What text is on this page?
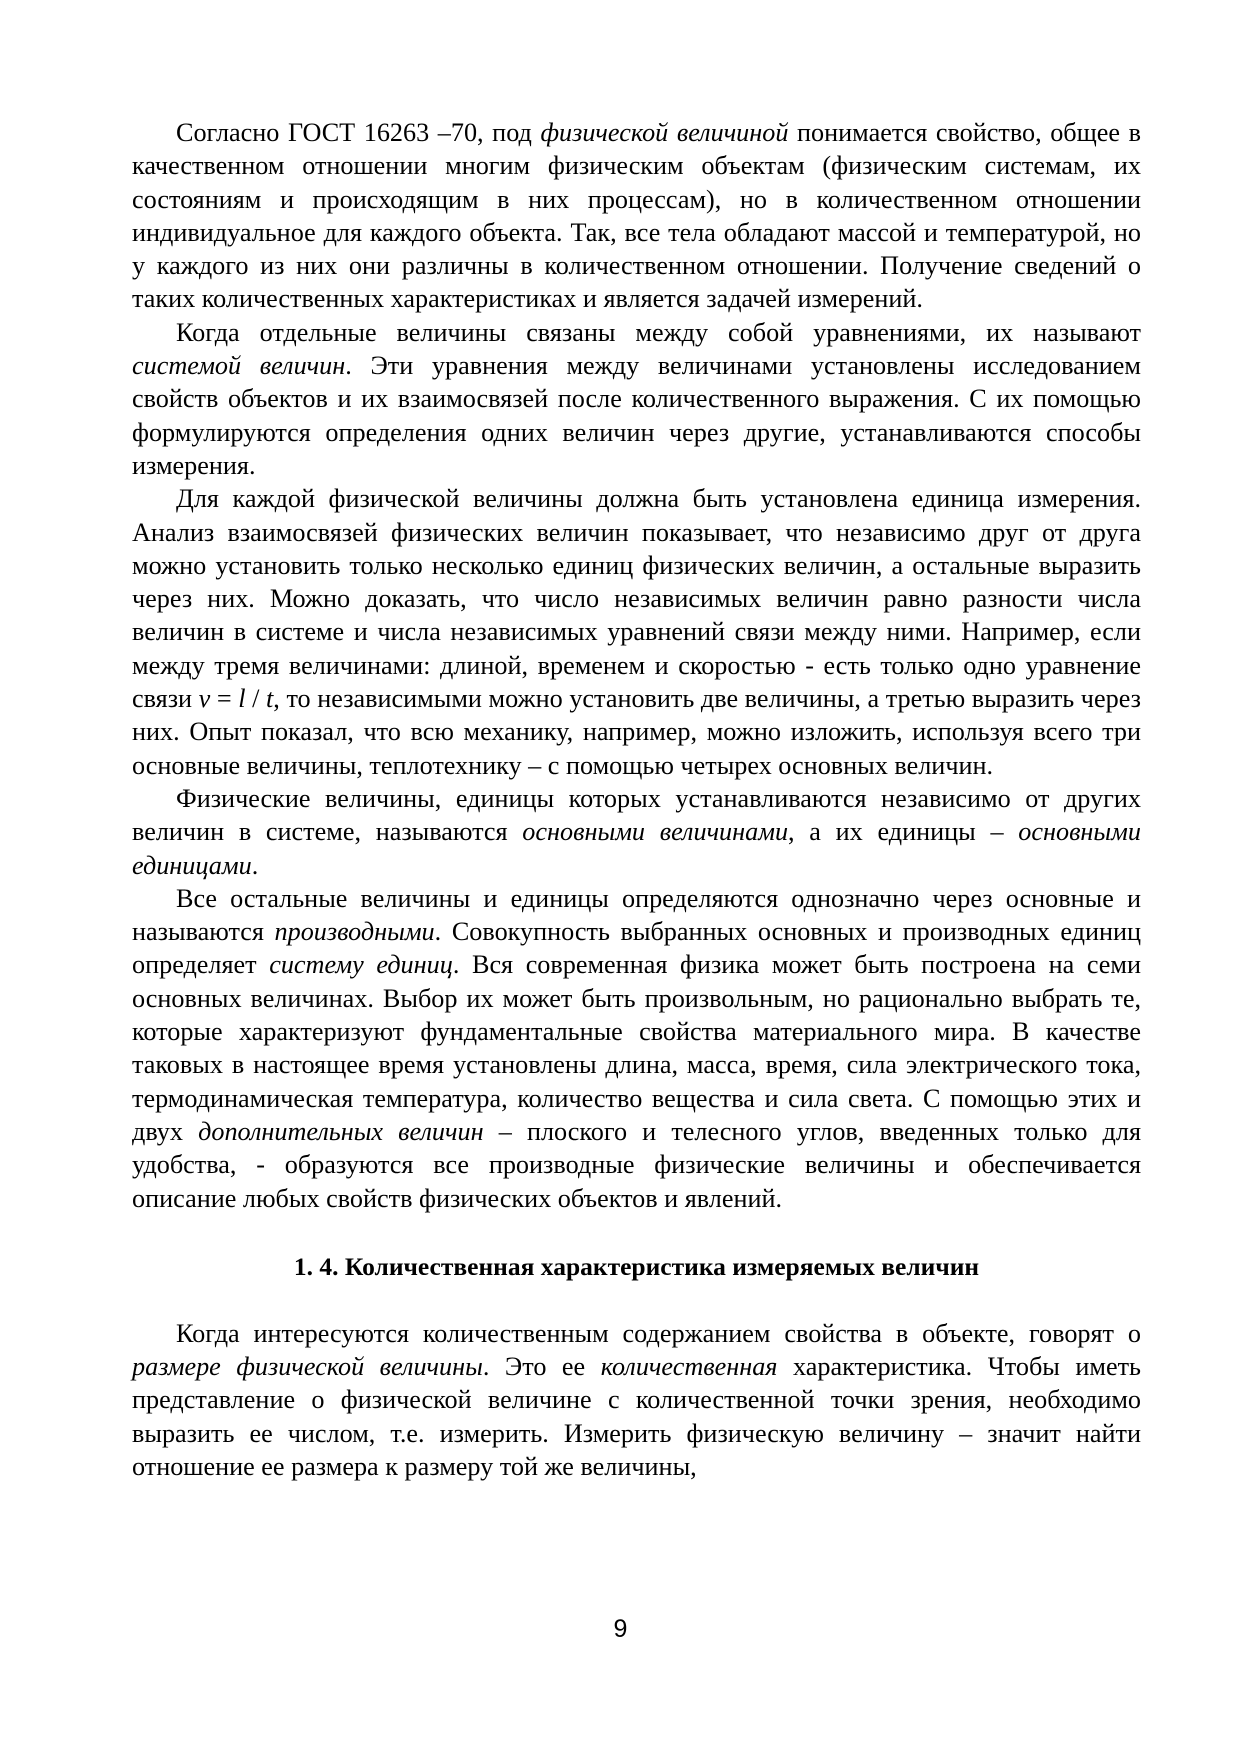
Согласно ГОСТ 16263 –70, под физической величиной понимается свойство, общее в качественном отношении многим физическим объектам (физическим системам, их состояниям и происходящим в них процессам), но в количественном отношении индивидуальное для каждого объекта. Так, все тела обладают массой и температурой, но у каждого из них они различны в количественном отношении. Получение сведений о таких количественных характеристиках и является задачей измерений.

Когда отдельные величины связаны между собой уравнениями, их называют системой величин. Эти уравнения между величинами установлены исследованием свойств объектов и их взаимосвязей после количественного выражения. С их помощью формулируются определения одних величин через другие, устанавливаются способы измерения.

Для каждой физической величины должна быть установлена единица измерения. Анализ взаимосвязей физических величин показывает, что независимо друг от друга можно установить только несколько единиц физических величин, а остальные выразить через них. Можно доказать, что число независимых величин равно разности числа величин в системе и числа независимых уравнений связи между ними. Например, если между тремя величинами: длиной, временем и скоростью - есть только одно уравнение связи v = l / t, то независимыми можно установить две величины, а третью выразить через них. Опыт показал, что всю механику, например, можно изложить, используя всего три основные величины, теплотехнику – с помощью четырех основных величин.

Физические величины, единицы которых устанавливаются независимо от других величин в системе, называются основными величинами, а их единицы – основными единицами.

Все остальные величины и единицы определяются однозначно через основные и называются производными. Совокупность выбранных основных и производных единиц определяет систему единиц. Вся современная физика может быть построена на семи основных величинах. Выбор их может быть произвольным, но рационально выбрать те, которые характеризуют фундаментальные свойства материального мира. В качестве таковых в настоящее время установлены длина, масса, время, сила электрического тока, термодинамическая температура, количество вещества и сила света. С помощью этих и двух дополнительных величин – плоского и телесного углов, введенных только для удобства, - образуются все производные физические величины и обеспечивается описание любых свойств физических объектов и явлений.

1. 4. Количественная характеристика измеряемых величин

Когда интересуются количественным содержанием свойства в объекте, говорят о размере физической величины. Это ее количественная характеристика. Чтобы иметь представление о физической величине с количественной точки зрения, необходимо выразить ее числом, т.е. измерить. Измерить физическую величину – значит найти отношение ее размера к размеру той же величины,

9
